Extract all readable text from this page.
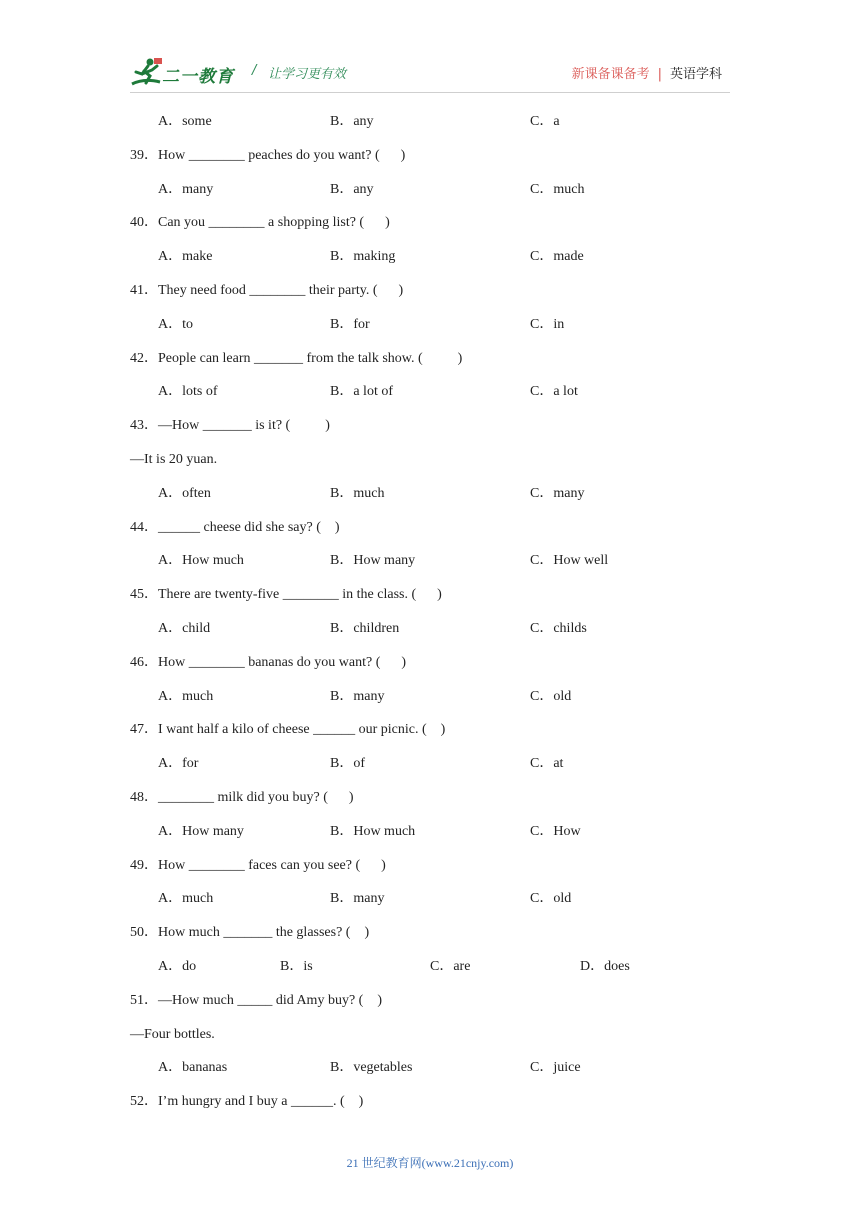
二一教育 / 让学习更有效	新课备课备考 | 英语学科
A．some	B．any	C．a
39．How ________ peaches do you want? (      )
A．many	B．any	C．much
40．Can you ________ a shopping list? (      )
A．make	B．making	C．made
41．They need food ________ their party. (      )
A．to	B．for	C．in
42．People can learn _______ from the talk show. (          )
A．lots of	B．a lot of	C．a lot
43．—How _______ is it? (          )
—It is 20 yuan.
A．often	B．much	C．many
44．______ cheese did she say? (    )
A．How much	B．How many	C．How well
45．There are twenty-five ________ in the class. (      )
A．child	B．children	C．childs
46．How ________ bananas do you want? (      )
A．much	B．many	C．old
47．I want half a kilo of cheese ______ our picnic. (    )
A．for	B．of	C．at
48．________ milk did you buy? (      )
A．How many	B．How much	C．How
49．How ________ faces can you see? (      )
A．much	B．many	C．old
50．How much _______ the glasses? (    )
A．do	B．is	C．are	D．does
51．—How much _____ did Amy buy? (    )
—Four bottles.
A．bananas	B．vegetables	C．juice
52．I’m hungry and I buy a ______. (    )
21 世纪教育网(www.21cnjy.com)
